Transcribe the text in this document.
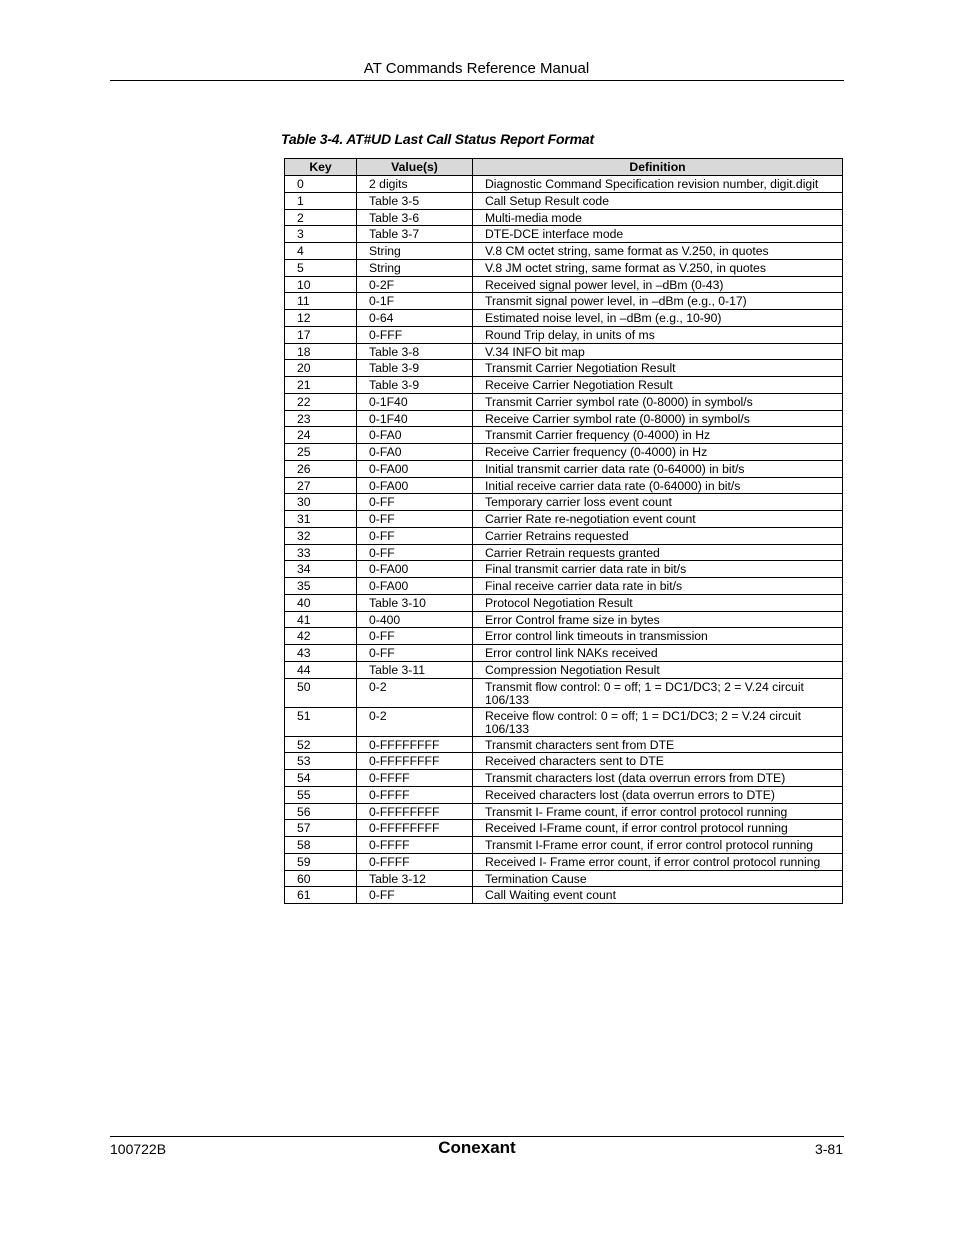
AT Commands Reference Manual
Table 3-4. AT#UD Last Call Status Report Format
Key	Value(s)	Definition
0	2 digits	Diagnostic Command Specification revision number, digit.digit
1	Table 3-5	Call Setup Result code
2	Table 3-6	Multi-media mode
3	Table 3-7	DTE-DCE interface mode
4	String	V.8 CM octet string, same format as V.250, in quotes
5	String	V.8 JM octet string, same format as V.250, in quotes
10	0-2F	Received signal power level, in –dBm (0-43)
11	0-1F	Transmit signal power level, in –dBm (e.g., 0-17)
12	0-64	Estimated noise level, in –dBm (e.g., 10-90)
17	0-FFF	Round Trip delay, in units of ms
18	Table 3-8	V.34 INFO bit map
20	Table 3-9	Transmit Carrier Negotiation Result
21	Table 3-9	Receive Carrier Negotiation Result
22	0-1F40	Transmit Carrier symbol rate (0-8000) in symbol/s
23	0-1F40	Receive Carrier symbol rate (0-8000) in symbol/s
24	0-FA0	Transmit Carrier frequency (0-4000) in Hz
25	0-FA0	Receive Carrier frequency (0-4000) in Hz
26	0-FA00	Initial transmit carrier data rate (0-64000) in bit/s
27	0-FA00	Initial receive carrier data rate (0-64000) in bit/s
30	0-FF	Temporary carrier loss event count
31	0-FF	Carrier Rate re-negotiation event count
32	0-FF	Carrier Retrains requested
33	0-FF	Carrier Retrain requests granted
34	0-FA00	Final transmit carrier data rate in bit/s
35	0-FA00	Final receive carrier data rate in bit/s
40	Table 3-10	Protocol Negotiation Result
41	0-400	Error Control frame size in bytes
42	0-FF	Error control link timeouts in transmission
43	0-FF	Error control link NAKs received
44	Table 3-11	Compression Negotiation Result
50	0-2	Transmit flow control: 0 = off; 1 = DC1/DC3; 2 = V.24 circuit 106/133
51	0-2	Receive flow control: 0 = off; 1 = DC1/DC3; 2 = V.24 circuit 106/133
52	0-FFFFFFFF	Transmit characters sent from DTE
53	0-FFFFFFFF	Received characters sent to DTE
54	0-FFFF	Transmit characters lost (data overrun errors from DTE)
55	0-FFFF	Received characters lost (data overrun errors to DTE)
56	0-FFFFFFFF	Transmit I- Frame count, if error control protocol running
57	0-FFFFFFFF	Received I-Frame count, if error control protocol running
58	0-FFFF	Transmit I-Frame error count, if error control protocol running
59	0-FFFF	Received I- Frame error count, if error control protocol running
60	Table 3-12	Termination Cause
61	0-FF	Call Waiting event count
100722B	Conexant	3-81
